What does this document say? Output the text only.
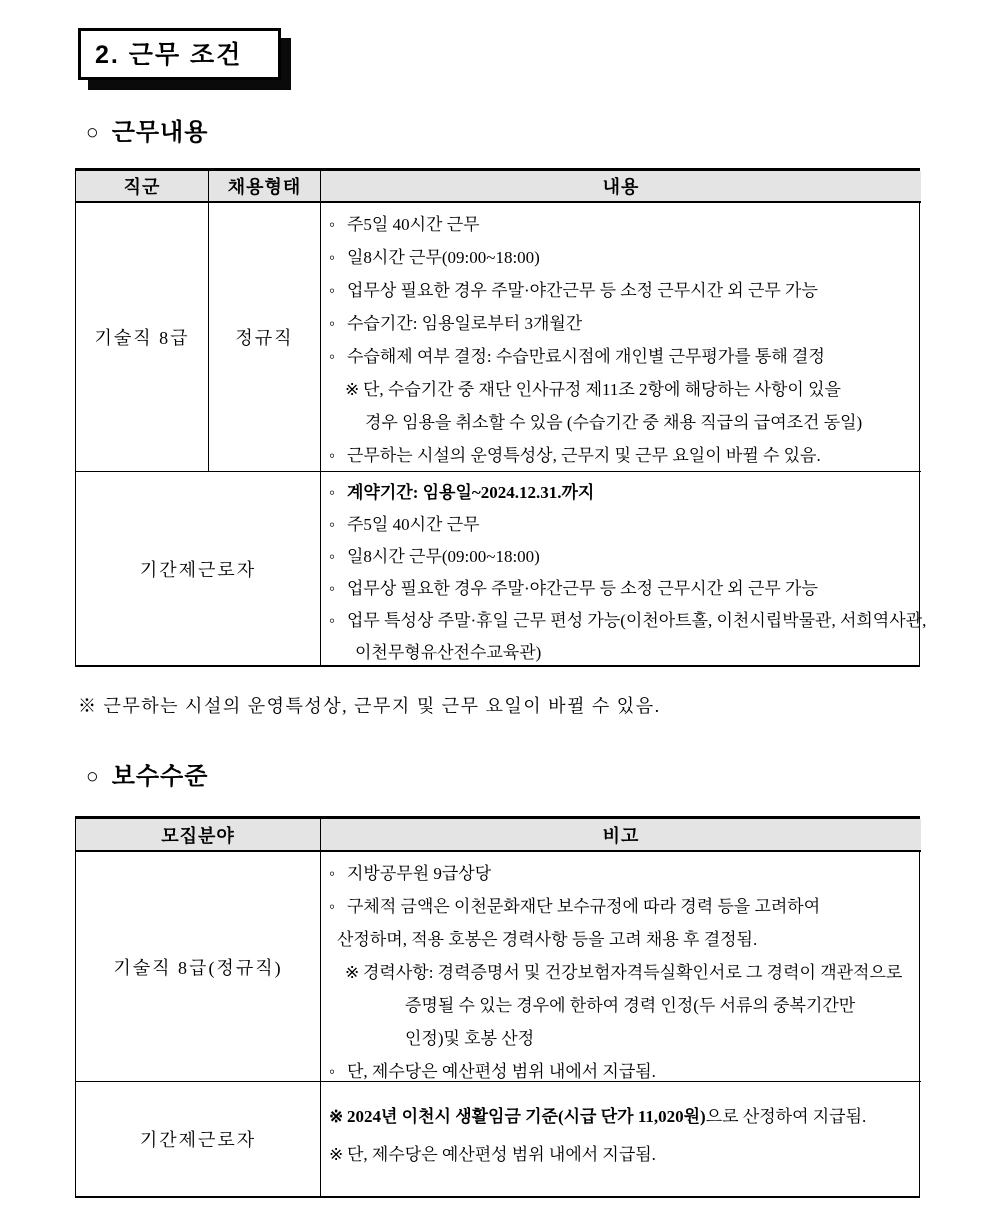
2. 근무 조건
○ 근무내용
직군	채용형태	내용
기술직 8급	정규직
◦ 주5일 40시간 근무
◦ 일8시간 근무(09:00~18:00)
◦ 업무상 필요한 경우 주말·야간근무 등 소정 근무시간 외 근무 가능
◦ 수습기간: 임용일로부터 3개월간
◦ 수습해제 여부 결정: 수습만료시점에 개인별 근무평가를 통해 결정
※ 단, 수습기간 중 재단 인사규정 제11조 2항에 해당하는 사항이 있을
경우 임용을 취소할 수 있음 (수습기간 중 채용 직급의 급여조건 동일)
◦ 근무하는 시설의 운영특성상, 근무지 및 근무 요일이 바뀔 수 있음.
기간제근로자
◦ 계약기간: 임용일~2024.12.31.까지
◦ 주5일 40시간 근무
◦ 일8시간 근무(09:00~18:00)
◦ 업무상 필요한 경우 주말·야간근무 등 소정 근무시간 외 근무 가능
◦ 업무 특성상 주말·휴일 근무 편성 가능(이천아트홀, 이천시립박물관, 서희역사관,
이천무형유산전수교육관)
※ 근무하는 시설의 운영특성상, 근무지 및 근무 요일이 바뀔 수 있음.
○ 보수수준
모집분야	비고
기술직 8급(정규직)
◦ 지방공무원 9급상당
◦ 구체적 금액은 이천문화재단 보수규정에 따라 경력 등을 고려하여
산정하며, 적용 호봉은 경력사항 등을 고려 채용 후 결정됨.
※ 경력사항: 경력증명서 및 건강보험자격득실확인서로 그 경력이 객관적으로
증명될 수 있는 경우에 한하여 경력 인정(두 서류의 중복기간만
인정)및 호봉 산정
◦ 단, 제수당은 예산편성 범위 내에서 지급됨.
기간제근로자
※ 2024년 이천시 생활임금 기준(시급 단가 11,020원) 으로 산정하여 지급됨.
※ 단, 제수당은 예산편성 범위 내에서 지급됨.
